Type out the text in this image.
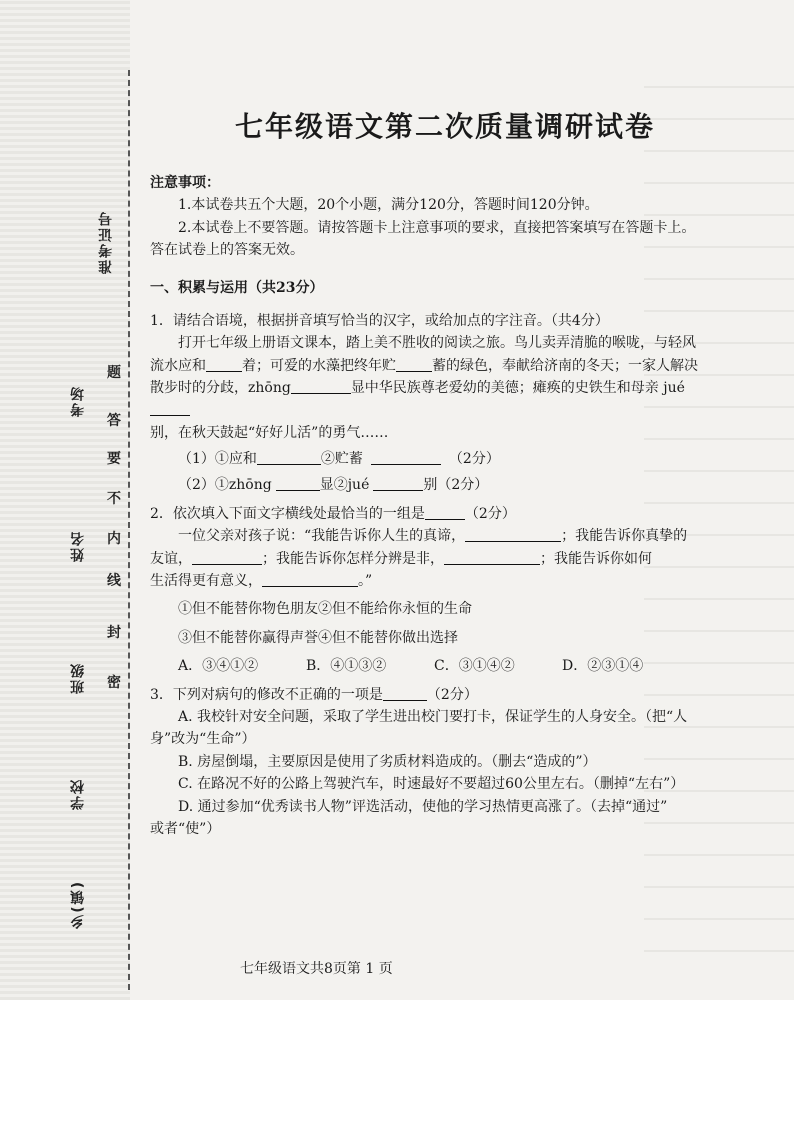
准考证号
考场
姓名
班级
学校
乡(镇)
题
答
要
不
内
线
封
密
七年级语文第二次质量调研试卷

注意事项：

1.本试卷共五个大题，20个小题，满分120分，答题时间120分钟。

2.本试卷上不要答题。请按答题卡上注意事项的要求，直接把答案填写在答题卡上。

答在试卷上的答案无效。

一、积累与运用（共23分）

1．请结合语境，根据拼音填写恰当的汉字，或给加点的字注音。（共4分）

打开七年级上册语文课本，踏上美不胜收的阅读之旅。鸟儿卖弄清脆的喉咙，与轻风

流水应和	着；可爱的水藻把终年贮	蓄的绿色，奉献给济南的冬天；一家人解决

散步时的分歧，zhōng	显中华民族尊老爱幼的美德；瘫痪的史铁生和母亲 jué

别，在秋天鼓起“好好儿活”的勇气……

（1）①应和	②贮蓄	（2分）

（2）①zhōng	显②jué	别（2分）

2．依次填入下面文字横线处最恰当的一组是	（2分）

一位父亲对孩子说：“我能告诉你人生的真谛，	；我能告诉你真挚的

友谊，	；我能告诉你怎样分辨是非，	；我能告诉你如何

生活得更有意义，	。”

①但不能替你物色朋友②但不能给你永恒的生命

③但不能替你赢得声誉④但不能替你做出选择

A．③④①②	B．④①③②	C．③①④②	D．②③①④

3．下列对病句的修改不正确的一项是	（2分）

A. 我校针对安全问题，采取了学生进出校门要打卡，保证学生的人身安全。（把“人

身”改为“生命”）

B. 房屋倒塌，主要原因是使用了劣质材料造成的。（删去“造成的”）

C. 在路况不好的公路上驾驶汽车，时速最好不要超过60公里左右。（删掉“左右”）

D. 通过参加“优秀读书人物”评选活动，使他的学习热情更高涨了。（去掉“通过”

或者“使”）

七年级语文共8页第 1 页
